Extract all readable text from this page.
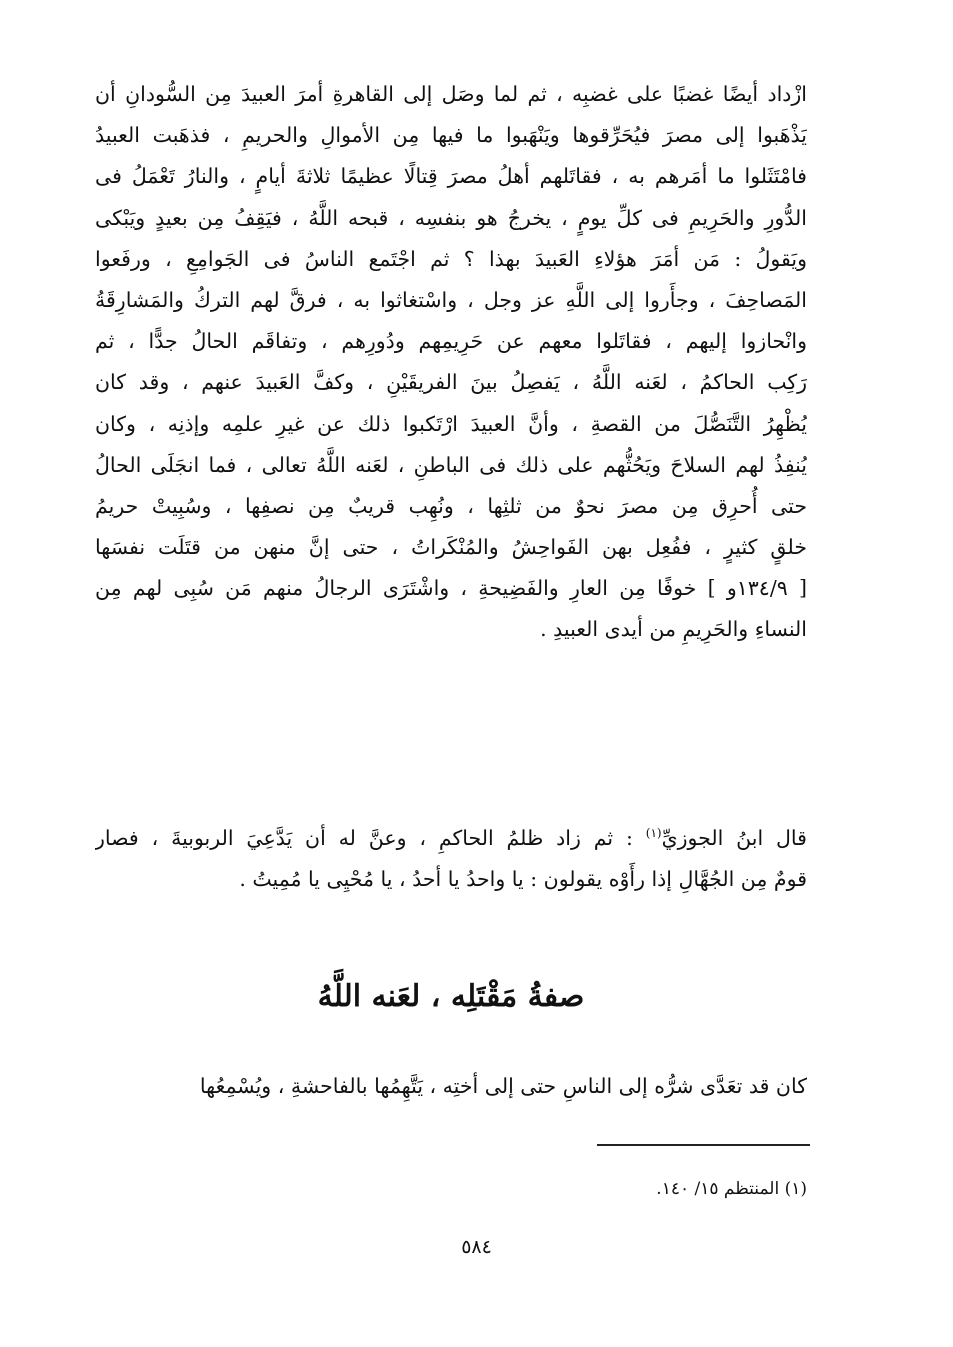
ازْداد أيضًا غضبًا على غضبِه ، ثم لما وصَل إلى القاهرةِ أمرَ العبيدَ مِن السُّودانِ أن
يَذْهَبوا إلى مصرَ فيُحَرِّقوها ويَنْهَبوا ما فيها مِن الأموالِ والحريمِ ، فذهَبت العبيدُ
فامْتَثَلوا ما أمَرهم به ، فقاتَلهم أهلُ مصرَ قِتالًا عظيمًا ثلاثةَ أيامٍ ، والنارُ تَعْمَلُ فى
الدُّورِ والحَرِيمِ فى كلِّ يومٍ ، يخرجُ هو بنفسِه ، قبحه اللَّهُ ، فيَقِفُ مِن بعيدٍ ويَبْكى
ويَقولُ : مَن أمَرَ هؤلاءِ العَبيدَ بهذا ؟ ثم اجْتَمع الناسُ فى الجَوامِعِ ، ورفَعوا
المَصاحِفَ ، وجأَروا إلى اللَّهِ عز وجل ، واسْتغاثوا به ، فرقَّ لهم التركُ والمَشارِقَةُ
وانْحازوا إليهم ، فقاتَلوا معهم عن حَرِيمِهم ودُورِهم ، وتفاقَم الحالُ جدًّا ، ثم
رَكِب الحاكمُ ، لعَنه اللَّهُ ، يَفصِلُ بينَ الفريقَيْنِ ، وكفَّ العَبيدَ عنهم ، وقد كان
يُظْهِرُ التَّنَصُّلَ من القصةِ ، وأنَّ العبيدَ ارْتَكبوا ذلك عن غيرِ علمِه وإذنِه ، وكان
يُنفِذُ لهم السلاحَ ويَحُثُّهم على ذلك فى الباطنِ ، لعَنه اللَّهُ تعالى ، فما انجَلَى الحالُ
حتى أُحرِق مِن مصرَ نحوٌ من ثلثِها ، ونُهِب قريبٌ مِن نصفِها ، وسُبِيتْ حريمُ
خلقٍ كثيرٍ ، ففُعِل بهن الفَواحِشُ والمُنْكَراتُ ، حتى إنَّ منهن من قتَلَت نفسَها
[ ١٣٤/٩و ] خوفًا مِن العارِ والفَضِيحةِ ، واشْتَرَى الرجالُ منهم مَن سُبِى لهم مِن
النساءِ والحَرِيمِ من أيدى العبيدِ .
قال ابنُ الجوزيِّ$^{(١)}$ : ثم زاد ظلمُ الحاكمِ ، وعنَّ له أن يَدَّعِيَ الربوبيةَ ، فصار
قومٌ مِن الجُهَّالِ إذا رأَوْه يقولون : يا واحدُ يا أحدُ ، يا مُحْيِى يا مُمِيتُ .
صفةُ مَقْتَلِه ، لعَنه اللَّهُ
كان قد تعَدَّى شرُّه إلى الناسِ حتى إلى أختِه ، يَتَّهِمُها بالفاحشةِ ، ويُسْمِعُها
(١) المنتظم ١٥/ ١٤٠.
٥٨٤
